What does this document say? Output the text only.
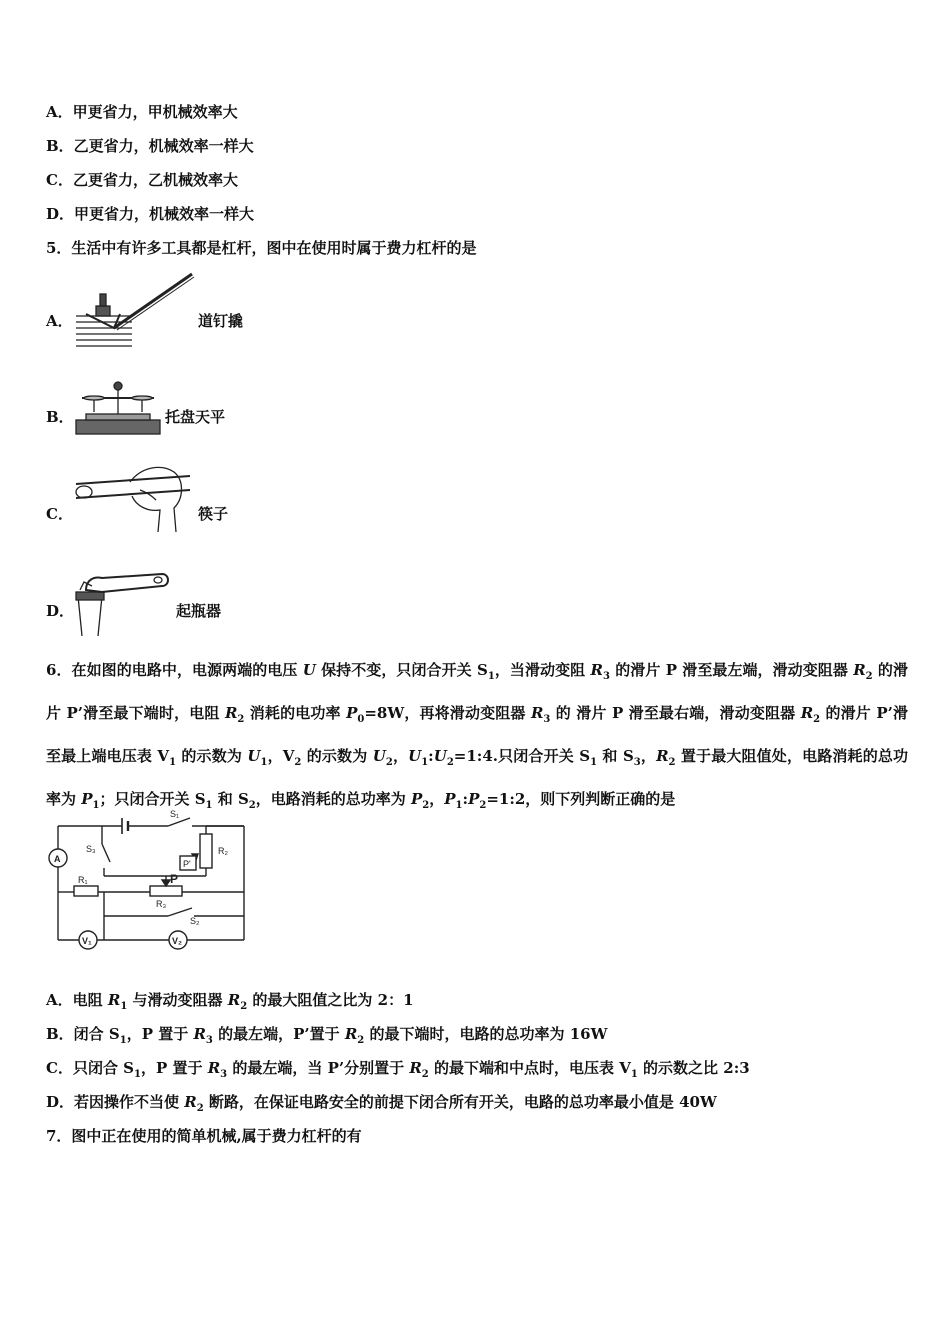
A．甲更省力，甲机械效率大
B．乙更省力，机械效率一样大
C．乙更省力，乙机械效率大
D．甲更省力，机械效率一样大
5．生活中有许多工具都是杠杆，图中在使用时属于费力杠杆的是
A．	道钉撬
B．	托盘天平
C．	筷子
D．	起瓶器
6．在如图的电路中，电源两端的电压 U 保持不变，只闭合开关 $S_1$，当滑动变阻 $R_3$ 的滑片 P 滑至最左端，滑动变阻器 $R_2$ 的滑片 P’滑至最下端时，电阻 $R_2$ 消耗的电功率 $P_0=8W$，再将滑动变阻器 $R_3$ 的 滑片 P 滑至最右端，滑动变阻器 $R_2$ 的滑片 P’滑至最上端电压表 $V_1$ 的示数为 $U_1$，$V_2$ 的示数为 $U_2$，$U_1:U_2=1:4$.只闭合开关 $S_1$ 和 $S_3$，$R_2$ 置于最大阻值处，电路消耗的总功率为 $P_1$；只闭合开关 $S_1$ 和 $S_2$，电路消耗的总功率为 $P_2$，$P_1:P_2=1:2$，则下列判断正确的是
S₁
S₃	R₂
P'
A
R₁	P
R₃
S₂
V₁	V₂
A．电阻 $R_1$ 与滑动变阻器 $R_2$ 的最大阻值之比为 2：1
B．闭合 $S_1$，P 置于 $R_3$ 的最左端，P’置于 $R_2$ 的最下端时，电路的总功率为 16W
C．只闭合 $S_1$，P 置于 $R_3$ 的最左端，当 P’分别置于 $R_2$ 的最下端和中点时，电压表 $V_1$ 的示数之比 2:3
D．若因操作不当使 $R_2$ 断路，在保证电路安全的前提下闭合所有开关，电路的总功率最小值是 40W
7．图中正在使用的简单机械,属于费力杠杆的有
